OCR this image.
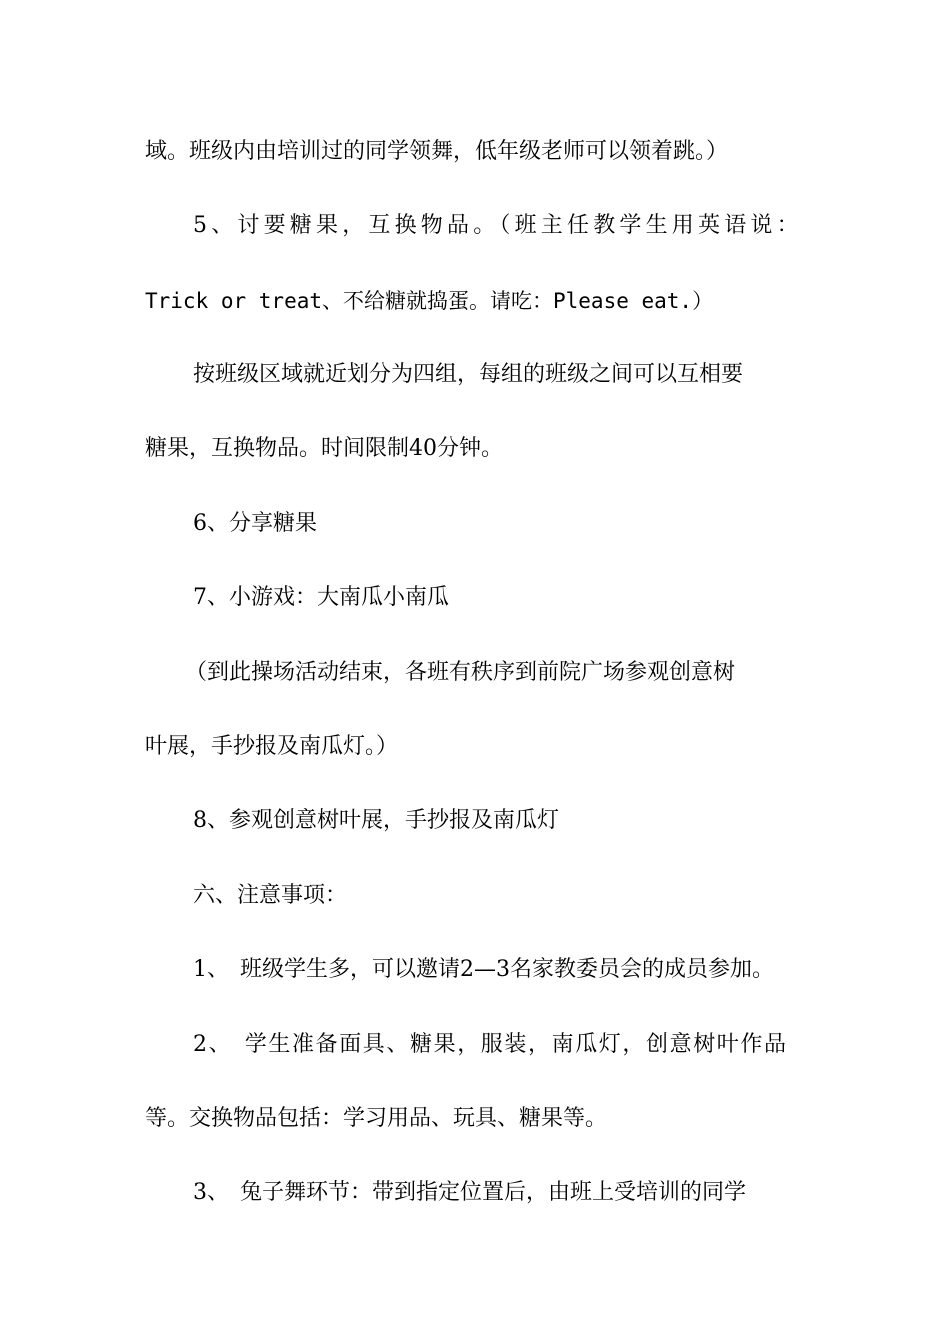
域。班级内由培训过的同学领舞，低年级老师可以领着跳。）
5、讨要糖果，互换物品。（班主任教学生用英语说：
Trick or treat、不给糖就捣蛋。请吃：Please eat.）
按班级区域就近划分为四组，每组的班级之间可以互相要
糖果，互换物品。时间限制40分钟。
6、分享糖果
7、小游戏：大南瓜小南瓜
（到此操场活动结束，各班有秩序到前院广场参观创意树
叶展，手抄报及南瓜灯。）
8、参观创意树叶展，手抄报及南瓜灯
六、注意事项：
1、　班级学生多，可以邀请2—3名家教委员会的成员参加。
2、　学生准备面具、糖果，服装，南瓜灯，创意树叶作品
等。交换物品包括：学习用品、玩具、糖果等。
3、　兔子舞环节：带到指定位置后，由班上受培训的同学
